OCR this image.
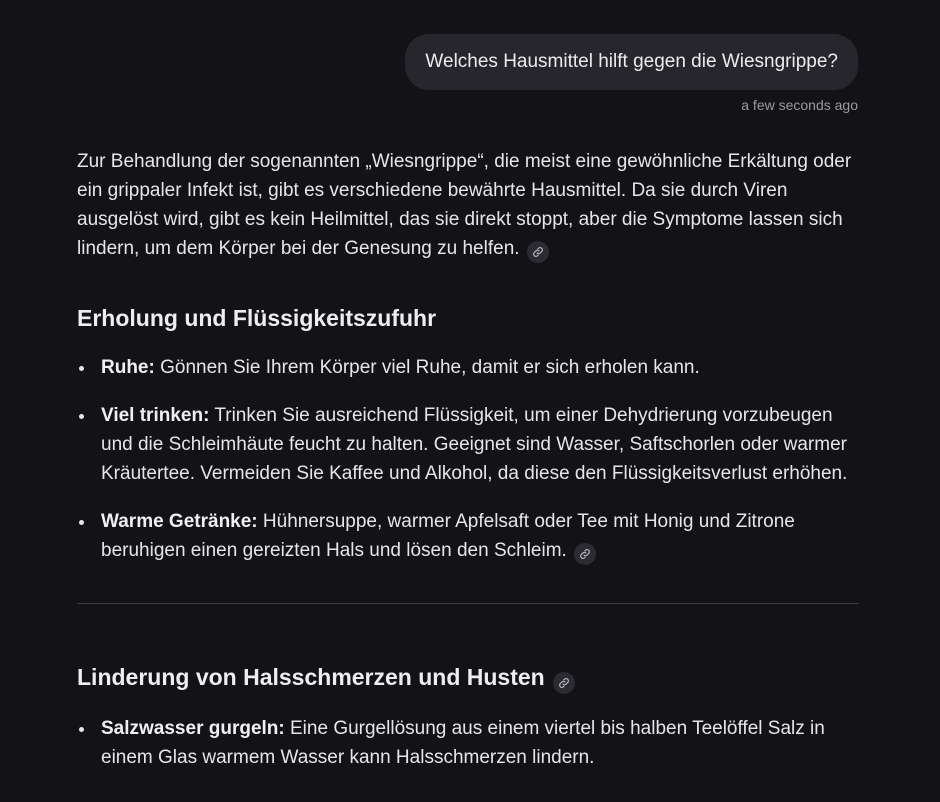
Welches Hausmittel hilft gegen die Wiesngrippe?
a few seconds ago

Zur Behandlung der sogenannten „Wiesngrippe“, die meist eine gewöhnliche Erkältung oder ein grippaler Infekt ist, gibt es verschiedene bewährte Hausmittel. Da sie durch Viren ausgelöst wird, gibt es kein Heilmittel, das sie direkt stoppt, aber die Symptome lassen sich lindern, um dem Körper bei der Genesung zu helfen.

Erholung und Flüssigkeitszufuhr
Ruhe: Gönnen Sie Ihrem Körper viel Ruhe, damit er sich erholen kann.
Viel trinken: Trinken Sie ausreichend Flüssigkeit, um einer Dehydrierung vorzubeugen und die Schleimhäute feucht zu halten. Geeignet sind Wasser, Saftschorlen oder warmer Kräutertee. Vermeiden Sie Kaffee und Alkohol, da diese den Flüssigkeitsverlust erhöhen.
Warme Getränke: Hühnersuppe, warmer Apfelsaft oder Tee mit Honig und Zitrone beruhigen einen gereizten Hals und lösen den Schleim.
Linderung von Halsschmerzen und Husten
Salzwasser gurgeln: Eine Gurgellösung aus einem viertel bis halben Teelöffel Salz in einem Glas warmem Wasser kann Halsschmerzen lindern.
